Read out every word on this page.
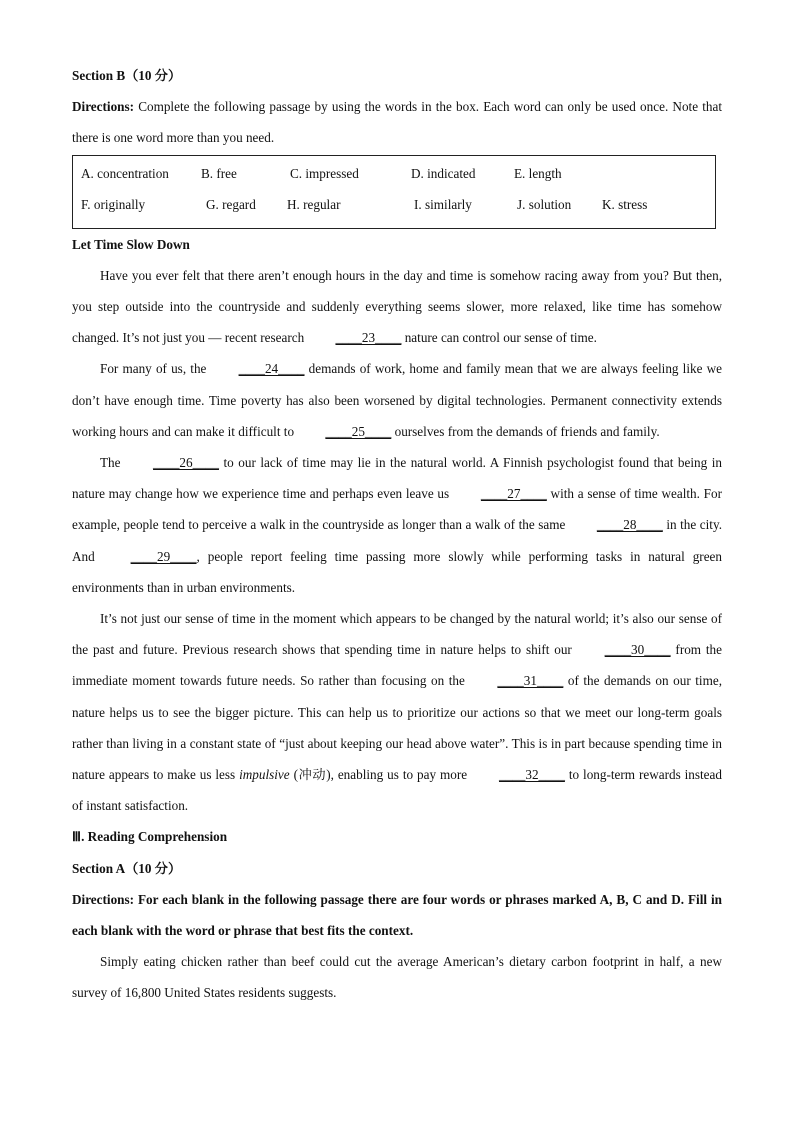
Section B（10 分）

Directions: Complete the following passage by using the words in the box. Each word can only be used once. Note that there is one word more than you need.

A. concentration B. free	C. impressed	D. indicated	E. length
F. originally	G. regard H. regular	I. similarly	J. solution K. stress
Let Time Slow Down

Have you ever felt that there aren’t enough hours in the day and time is somehow racing away from you? But then, you step outside into the countryside and suddenly everything seems slower, more relaxed, like time has somehow changed. It’s not just you — recent research ____23____ nature can control our sense of time.

For many of us, the ____24____ demands of work, home and family mean that we are always feeling like we don’t have enough time. Time poverty has also been worsened by digital technologies. Permanent connectivity extends working hours and can make it difficult to ____25____ ourselves from the demands of friends and family.

The ____26____ to our lack of time may lie in the natural world. A Finnish psychologist found that being in nature may change how we experience time and perhaps even leave us ____27____ with a sense of time wealth. For example, people tend to perceive a walk in the countryside as longer than a walk of the same ____28____ in the city. And ____29____, people report feeling time passing more slowly while performing tasks in natural green environments than in urban environments.

It’s not just our sense of time in the moment which appears to be changed by the natural world; it’s also our sense of the past and future. Previous research shows that spending time in nature helps to shift our ____30____ from the immediate moment towards future needs. So rather than focusing on the ____31____ of the demands on our time, nature helps us to see the bigger picture. This can help us to prioritize our actions so that we meet our long-term goals rather than living in a constant state of “just about keeping our head above water”. This is in part because spending time in nature appears to make us less impulsive (冲动), enabling us to pay more ____32____ to long-term rewards instead of instant satisfaction.

Ⅲ. Reading Comprehension
Section A（10 分）

Directions: For each blank in the following passage there are four words or phrases marked A, B, C and D. Fill in each blank with the word or phrase that best fits the context.

Simply eating chicken rather than beef could cut the average American’s dietary carbon footprint in half, a new survey of 16,800 United States residents suggests.
